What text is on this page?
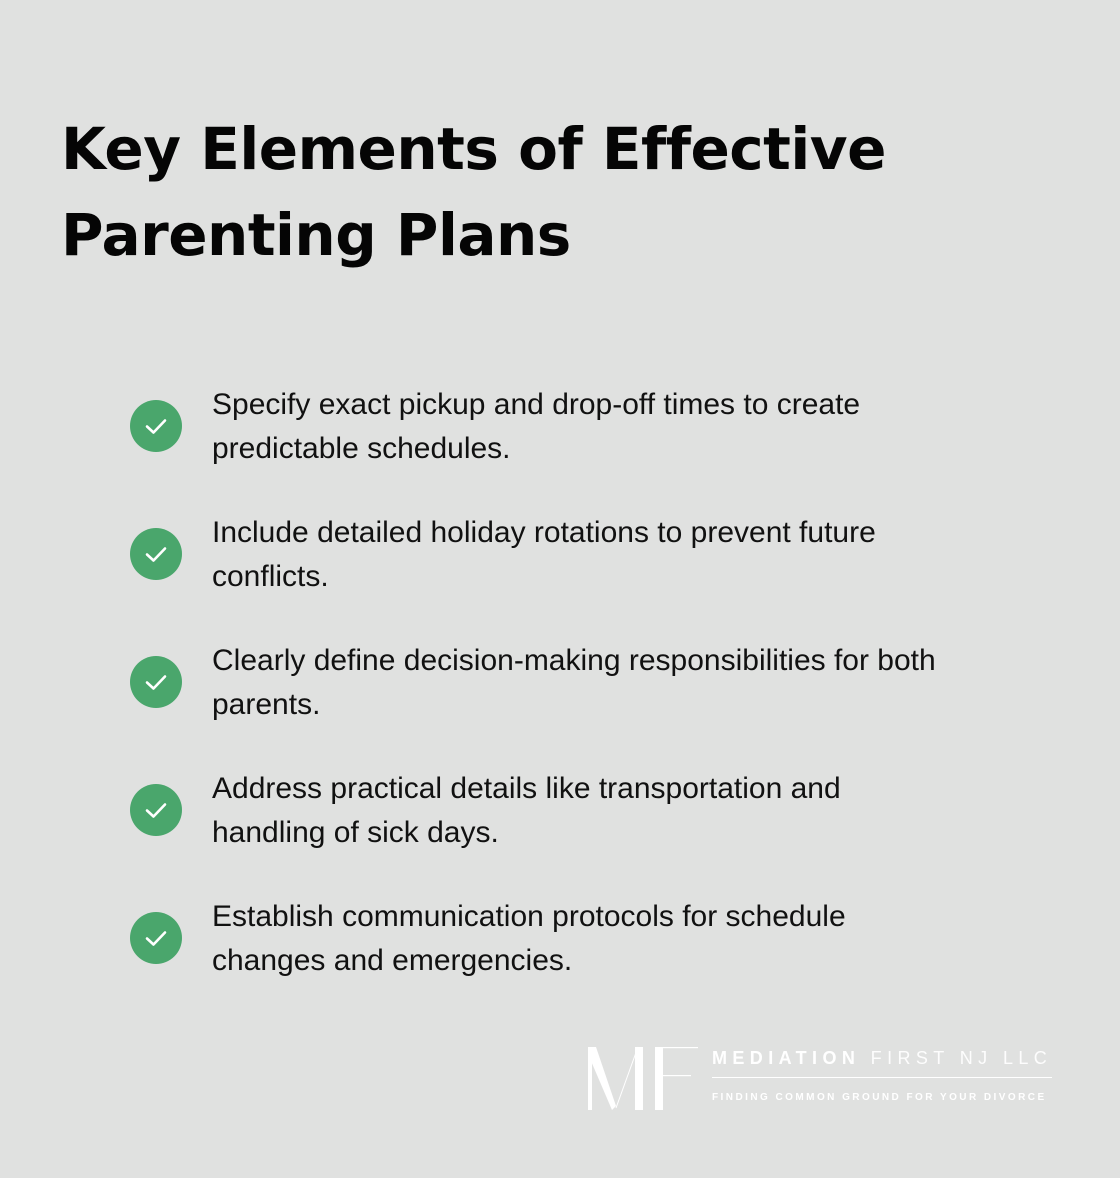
Key Elements of Effective
Parenting Plans
Specify exact pickup and drop-off times to create
predictable schedules.
Include detailed holiday rotations to prevent future
conflicts.
Clearly define decision-making responsibilities for both
parents.
Address practical details like transportation and
handling of sick days.
Establish communication protocols for schedule
changes and emergencies.
MEDIATION FIRST NJ LLC
FINDING COMMON GROUND FOR YOUR DIVORCE
